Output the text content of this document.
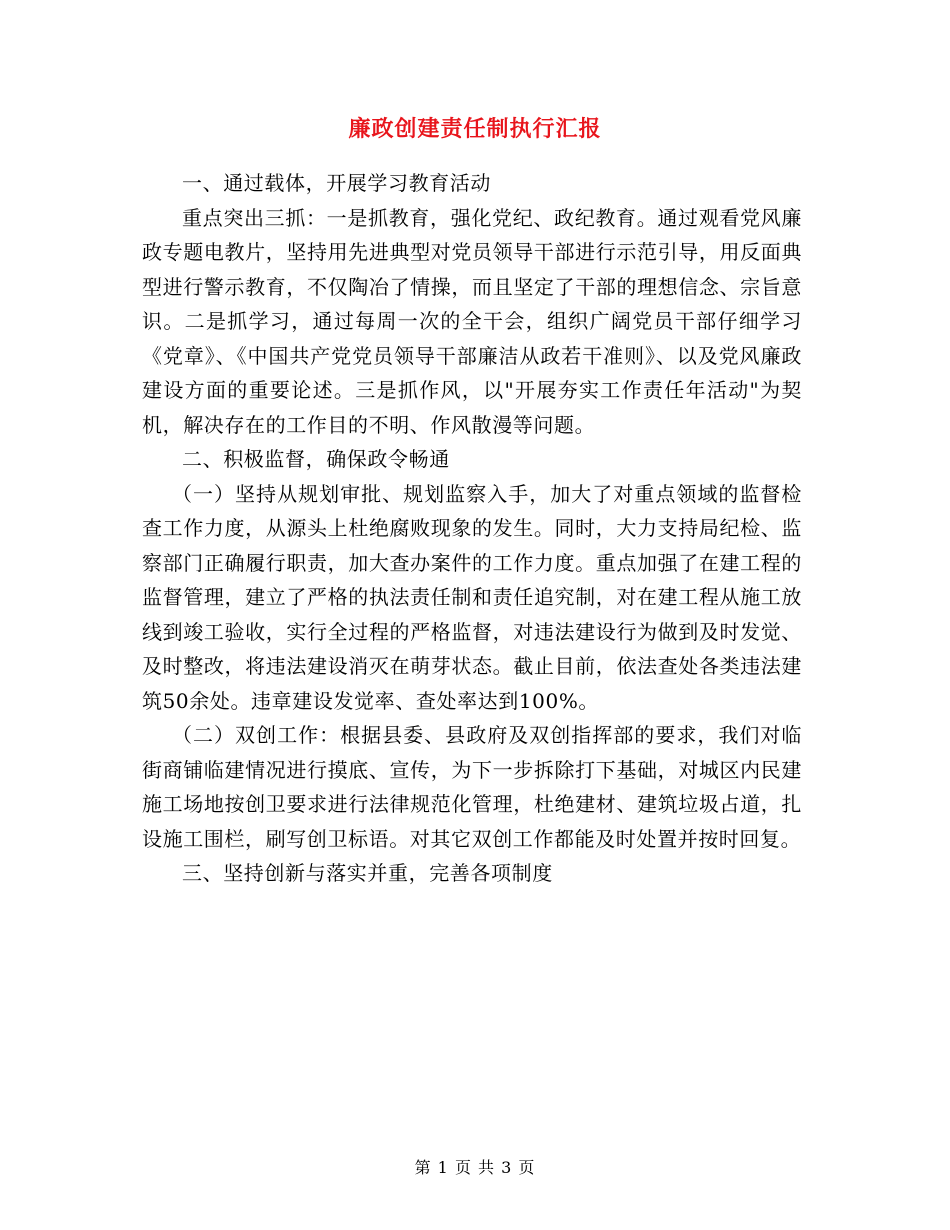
廉政创建责任制执行汇报

一、通过载体，开展学习教育活动

重点突出三抓：一是抓教育，强化党纪、政纪教育。通过观看党风廉政专题电教片，坚持用先进典型对党员领导干部进行示范引导，用反面典型进行警示教育，不仅陶冶了情操，而且坚定了干部的理想信念、宗旨意识。二是抓学习，通过每周一次的全干会，组织广阔党员干部仔细学习《党章》、《中国共产党党员领导干部廉洁从政若干准则》、以及党风廉政建设方面的重要论述。三是抓作风，以"开展夯实工作责任年活动"为契机，解决存在的工作目的不明、作风散漫等问题。

二、积极监督，确保政令畅通

（一）坚持从规划审批、规划监察入手，加大了对重点领域的监督检查工作力度，从源头上杜绝腐败现象的发生。同时，大力支持局纪检、监察部门正确履行职责，加大查办案件的工作力度。重点加强了在建工程的监督管理，建立了严格的执法责任制和责任追究制，对在建工程从施工放线到竣工验收，实行全过程的严格监督，对违法建设行为做到及时发觉、及时整改，将违法建设消灭在萌芽状态。截止目前，依法查处各类违法建筑50余处。违章建设发觉率、查处率达到100%。

（二）双创工作：根据县委、县政府及双创指挥部的要求，我们对临街商铺临建情况进行摸底、宣传，为下一步拆除打下基础，对城区内民建施工场地按创卫要求进行法律规范化管理，杜绝建材、建筑垃圾占道，扎设施工围栏，刷写创卫标语。对其它双创工作都能及时处置并按时回复。

三、坚持创新与落实并重，完善各项制度

第 1 页 共 3 页
